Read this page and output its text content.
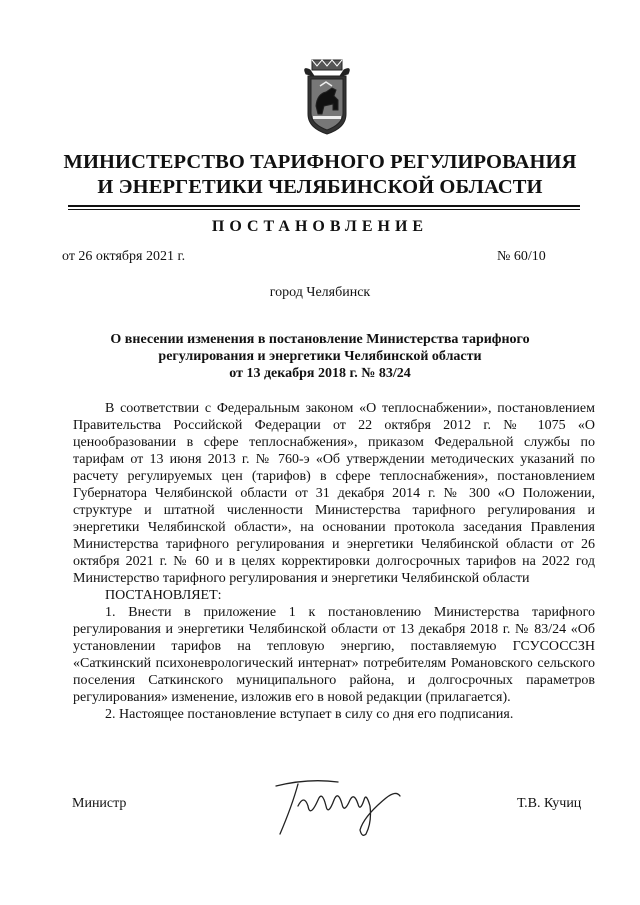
МИНИСТЕРСТВО ТАРИФНОГО РЕГУЛИРОВАНИЯ
И ЭНЕРГЕТИКИ ЧЕЛЯБИНСКОЙ ОБЛАСТИ
ПОСТАНОВЛЕНИЕ
от 26 октября 2021 г.	№ 60/10
город Челябинск
О внесении изменения в постановление Министерства тарифного
регулирования и энергетики Челябинской области
от 13 декабря 2018 г. № 83/24

В соответствии с Федеральным законом «О теплоснабжении», постановлением Правительства Российской Федерации от 22 октября 2012 г. № 1075 «О ценообразовании в сфере теплоснабжения», приказом Федеральной службы по тарифам от 13 июня 2013 г. № 760-э «Об утверждении методических указаний по расчету регулируемых цен (тарифов) в сфере теплоснабжения», постановлением Губернатора Челябинской области от 31 декабря 2014 г. № 300 «О Положении, структуре и штатной численности Министерства тарифного регулирования и энергетики Челябинской области», на основании протокола заседания Правления Министерства тарифного регулирования и энергетики Челябинской области от 26 октября 2021 г. № 60 и в целях корректировки долгосрочных тарифов на 2022 год Министерство тарифного регулирования и энергетики Челябинской области

ПОСТАНОВЛЯЕТ:

1. Внести в приложение 1 к постановлению Министерства тарифного регулирования и энергетики Челябинской области от 13 декабря 2018 г. № 83/24 «Об установлении тарифов на тепловую энергию, поставляемую ГСУСОССЗН «Саткинский психоневрологический интернат» потребителям Романовского сельского поселения Саткинского муниципального района, и долгосрочных параметров регулирования» изменение, изложив его в новой редакции (прилагается).

2. Настоящее постановление вступает в силу со дня его подписания.

Министр	Т.В. Кучиц
